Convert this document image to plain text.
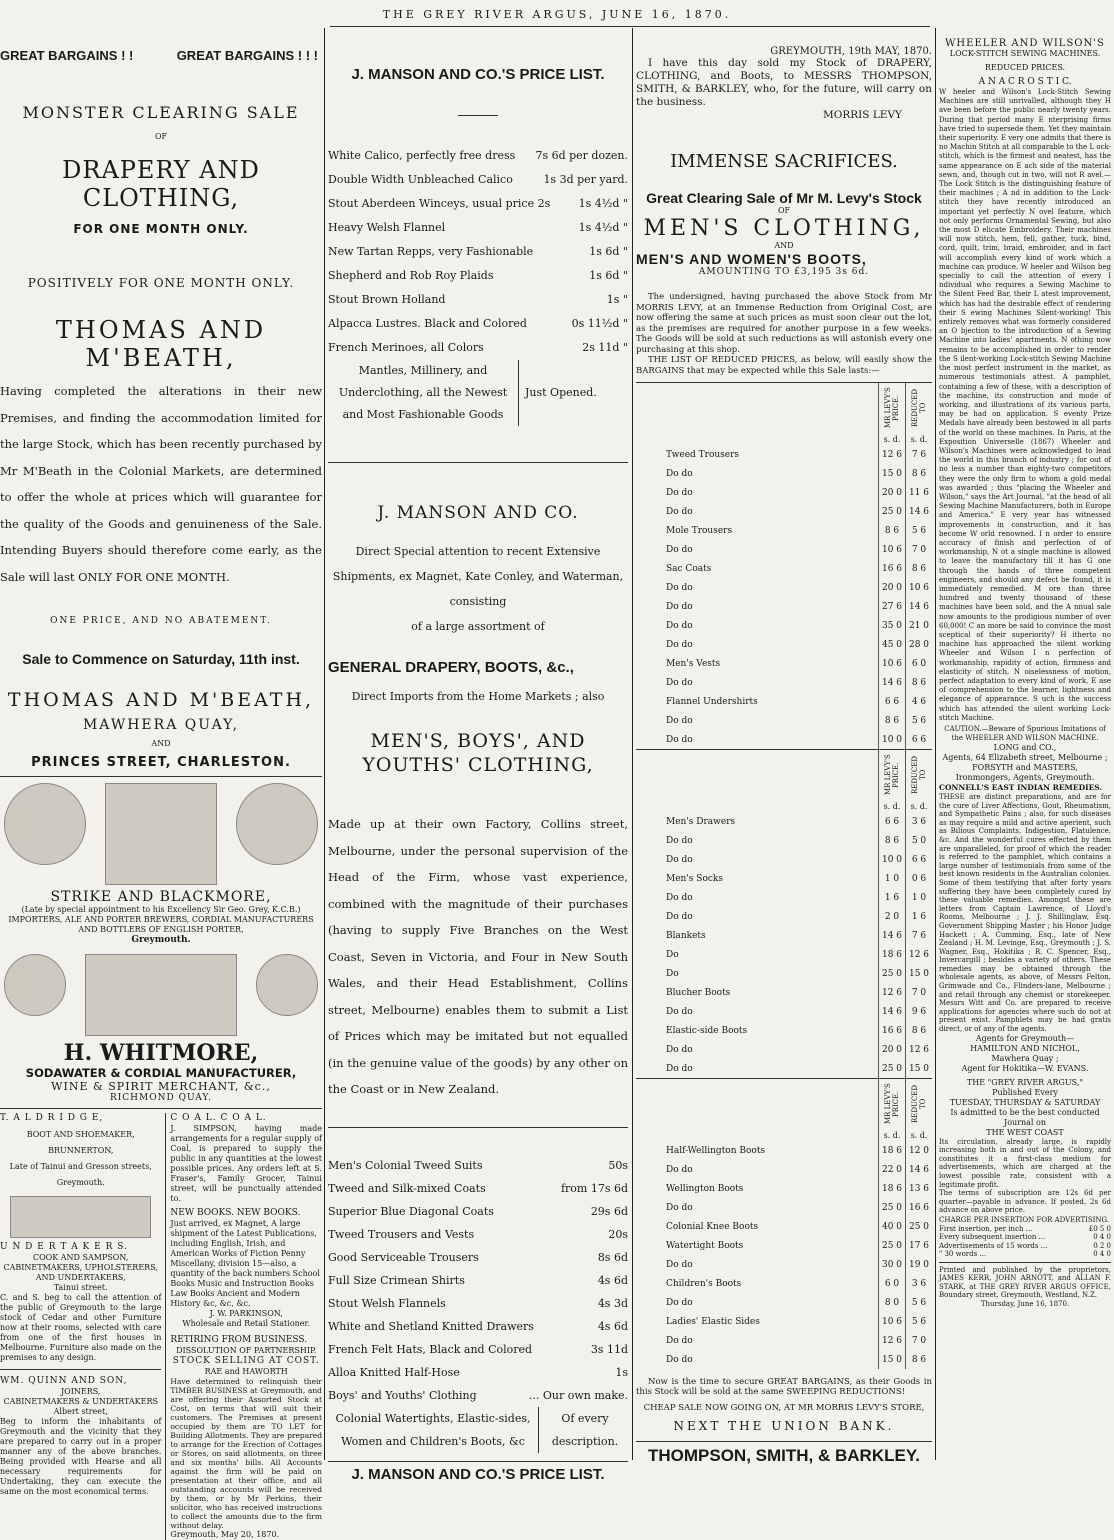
THE GREY RIVER ARGUS, JUNE 16, 1870.
GREAT BARGAINS ! !	GREAT BARGAINS ! ! !
MONSTER CLEARING SALE
OF
DRAPERY AND CLOTHING,
FOR ONE MONTH ONLY.
POSITIVELY FOR ONE MONTH ONLY.
THOMAS AND M'BEATH,
Having completed the alterations in their new Premises, and finding the accommodation limited for the large Stock, which has been recently purchased by Mr M'Beath in the Colonial Markets, are determined to offer the whole at prices which will guarantee for the quality of the Goods and genuineness of the Sale. Intending Buyers should therefore come early, as the Sale will last ONLY FOR ONE MONTH.
ONE PRICE, AND NO ABATEMENT.
Sale to Commence on Saturday, 11th inst.
THOMAS AND M'BEATH,
MAWHERA QUAY,
AND
PRINCES STREET, CHARLESTON.
STRIKE AND BLACKMORE,
(Late by special appointment to his Excellency Sir Geo. Grey, K.C.B.)
IMPORTERS, ALE AND PORTER BREWERS, CORDIAL MANUFACTURERS AND BOTTLERS OF ENGLISH PORTER,
Greymouth.
H. WHITMORE,
SODAWATER & CORDIAL MANUFACTURER,
WINE & SPIRIT MERCHANT, &c.,
RICHMOND QUAY.
T. A L D R I D G E,
BOOT AND SHOEMAKER,
BRUNNERTON,
Late of Tainui and Gresson streets,
Greymouth.
U N D E R T A K E R S.
COOK AND SAMPSON,
CABINETMAKERS, UPHOLSTERERS, AND UNDERTAKERS,
Tainui street.
C. and S. beg to call the attention of the public of Greymouth to the large stock of Cedar and other Furniture now at their rooms, selected with care from one of the first houses in Melbourne. Furniture also made on the premises to any design.
WM. QUINN AND SON,
JOINERS,
CABINETMAKERS & UNDERTAKERS
Albert street,
Beg to inform the inhabitants of Greymouth and the vicinity that they are prepared to carry out in a proper manner any of the above branches. Being provided with Hearse and all necessary requirements for Undertaking, they can execute the same on the most economical terms.
C O A L. C O A L.
J. SIMPSON, having made arrangements for a regular supply of Coal, is prepared to supply the public in any quantities at the lowest possible prices. Any orders left at S. Fraser's, Family Grocer, Tainui street, will be punctually attended to.
NEW BOOKS. NEW BOOKS.
Just arrived, ex Magnet, A large shipment of the Latest Publications, including English, Irish, and American Works of Fiction Penny Miscellany, division 15—also, a quantity of the back numbers School Books Music and Instruction Books Law Books Ancient and Modern History &c, &c, &c.
J. W. PARKINSON,
Wholesale and Retail Stationer.
RETIRING FROM BUSINESS.
DISSOLUTION OF PARTNERSHIP.
STOCK SELLING AT COST.
RAE and HAWORTH
Have determined to relinquish their TIMBER BUSINESS at Greymouth, and are offering their Assorted Stock at Cost, on terms that will suit their customers. The Premises at present occupied by them are TO LET for Building Allotments. They are prepared to arrange for the Erection of Cottages or Stores, on said allotments, on three and six months' bills. All Accounts against the firm will be paid on presentation at their office, and all outstanding accounts will be received by them, or by Mr Perkins, their solicitor, who has received instructions to collect the amounts due to the firm without delay.
Greymouth, May 20, 1870.
J. MANSON AND CO.'S PRICE LIST.
White Calico, perfectly free dress 7s 6d per dozen.
Double Width Unbleached Calico	1s 3d per yard.
Stout Aberdeen Winceys, usual price 2s	1s 4½d "
Heavy Welsh Flannel	1s 4½d "
New Tartan Repps, very Fashionable	1s 6d "
Shepherd and Rob Roy Plaids	1s 6d "
Stout Brown Holland	1s "
Alpacca Lustres. Black and Colored	0s 11½d "
French Merinoes, all Colors	2s 11d "
Mantles, Millinery, and Underclothing, all the Newest and Most Fashionable Goods
Just Opened.
J. MANSON AND CO.
Direct Special attention to recent Extensive Shipments, ex Magnet, Kate Conley, and Waterman, consisting
of a large assortment of
GENERAL DRAPERY, BOOTS, &c.,
Direct Imports from the Home Markets ; also
MEN'S, BOYS', AND YOUTHS' CLOTHING,
Made up at their own Factory, Collins street, Melbourne, under the personal supervision of the Head of the Firm, whose vast experience, combined with the magnitude of their purchases (having to supply Five Branches on the West Coast, Seven in Victoria, and Four in New South Wales, and their Head Establishment, Collins street, Melbourne) enables them to submit a List of Prices which may be imitated but not equalled (in the genuine value of the goods) by any other on the Coast or in New Zealand.
Men's Colonial Tweed Suits	50s
Tweed and Silk-mixed Coats	from 17s 6d
Superior Blue Diagonal Coats	29s 6d
Tweed Trousers and Vests	20s
Good Serviceable Trousers	8s 6d
Full Size Crimean Shirts	4s 6d
Stout Welsh Flannels	4s 3d
White and Shetland Knitted Drawers	4s 6d
French Felt Hats, Black and Colored	3s 11d
Alloa Knitted Half-Hose	1s
Boys' and Youths' Clothing	... Our own make.
Colonial Watertights, Elastic-sides, Women and Children's Boots, &c
Of every description.
J. MANSON AND CO.'S PRICE LIST.
GREYMOUTH, 19th MAY, 1870.
I have this day sold my Stock of DRAPERY, CLOTHING, and Boots, to MESSRS THOMPSON, SMITH, & BARKLEY, who, for the future, will carry on the business.
MORRIS LEVY
IMMENSE SACRIFICES.
Great Clearing Sale of Mr M. Levy's Stock
OF
MEN'S CLOTHING,
AND
MEN'S AND WOMEN'S BOOTS,
AMOUNTING TO £3,195 3s 6d.
The undersigned, having purchased the above Stock from Mr MORRIS LEVY, at an Immense Reduction from Original Cost, are now offering the same at such prices as must soon clear out the lot, as the premises are required for another purpose in a few weeks. The Goods will be sold at such reductions as will astonish every one purchasing at this shop.
THE LIST OF REDUCED PRICES, as below, will easily show the BARGAINS that may be expected while this Sale lasts:—

	MR LEVY'S PRICE.	REDUCED TO

	s. d.	s. d.
Tweed Trousers	12 6	7 6
Do do	15 0	8 6
Do do	20 0	11 6
Do do	25 0	14 6
Mole Trousers	8 6	5 6
Do do	10 6	7 0
Sac Coats	16 6	8 6
Do do	20 0	10 6
Do do	27 6	14 6
Do do	35 0	21 0
Do do	45 0	28 0
Men's Vests	10 6	6 0
Do do	14 6	8 6
Flannel Undershirts	6 6	4 6
Do do	8 6	5 6
Do do	10 0	6 6

	MR LEVY'S PRICE.	REDUCED TO

	s. d.	s. d.
Men's Drawers	6 6	3 6
Do do	8 6	5 0
Do do	10 0	6 6
Men's Socks	1 0	0 6
Do do	1 6	1 0
Do do	2 0	1 6
Blankets	14 6	7 6
Do	18 6	12 6
Do	25 0	15 0
Blucher Boots	12 6	7 0
Do do	14 6	9 6
Elastic-side Boots	16 6	8 6
Do do	20 0	12 6
Do do	25 0	15 0

	MR LEVY'S PRICE.	REDUCED TO

	s. d.	s. d.
Half-Wellington Boots	18 6	12 0
Do do	22 0	14 6
Wellington Boots	18 6	13 6
Do do	25 0	16 6
Colonial Knee Boots	40 0	25 0
Watertight Boots	25 0	17 6
Do do	30 0	19 0
Children's Boots	6 0	3 6
Do do	8 0	5 6
Ladies' Elastic Sides	10 6	5 6
Do do	12 6	7 0
Do do	15 0	8 6
Now is the time to secure GREAT BARGAINS, as their Goods in this Stock will be sold at the same SWEEPING REDUCTIONS!
CHEAP SALE NOW GOING ON, AT MR MORRIS LEVY'S STORE,
NEXT THE UNION BANK.
THOMPSON, SMITH, & BARKLEY.
WHEELER AND WILSON'S
LOCK-STITCH SEWING MACHINES.
REDUCED PRICES.
A N A C R O S T I C.
W heeler and Wilson's Lock-Stitch Sewing Machines are still unrivalled, although they H ave been before the public nearly twenty years. During that period many E nterprising firms have tried to supersede them. Yet they maintain their superiority. E very one admits that there is no Machin Stitch at all comparable to the L ock-stitch, which is the firmest and neatest, has the same appearance on E ach side of the material sewn, and, though cut in two, will not R avel.—The Lock Stitch is the distinguishing feature of their machines ; A nd in addition to the Lock-stitch they have recently introduced an important yet perfectly N ovel feature, which not only performs Ornamental Sewing, but also the most D elicate Embroidery. Their machines will now stitch, hem, fell, gather, tuck, bind, cord, quilt, trim, braid, embroider, and in fact will accomplish every kind of work which a machine can produce. W heeler and Wilson beg specially to call the attention of every I ndividual who requires a Sewing Machine to the Silent Feed Bar, their L atest improvement, which has had the desirable effect of rendering their S ewing Machines Silent-working! This entirely removes what was formerly considered an O bjection to the introduction of a Sewing Machine into ladies' apartments. N othing now remains to be accomplished in order to render the S ilent-working Lock-stitch Sewing Machine the most perfect instrument in the market, as numerous testimonials attest. A pamphlet, containing a few of these, with a description of the machine, its construction and mode of working, and illustrations of its various parts, may be had on application. S eventy Prize Medals have already been bestowed in all parts of the world on these machines. In Paris, at the Exposition Universelle (1867) Wheeler and Wilson's Machines were acknowledged to lead the world in this branch of industry ; for out of no less a number than eighty-two competitors they were the only firm to whom a gold medal was awarded ; thus "placing the Wheeler and Wilson," says the Art Journal, "at the head of all Sewing Machine Manufacturers, both in Europe and America." E very year has witnessed improvements in construction, and it has become W orld renowned. I n order to ensure accuracy of finish and perfection of of workmanship, N ot a single machine is allowed to leave the manufactory till it has G one through the hands of three competent engineers, and should any defect be found, it is immediately remedied. M ore than three hundred and twenty thousand of these machines have been sold, and the A nnual sale now amounts to the prodigious number of over 60,000! C an more be said to convince the most sceptical of their superiority? H itherto no machine has approached the silent working Wheeler and Wilson I n perfection of workmanship, rapidity of action, firmness and elasticity of stitch, N oiselessness of motion, perfect adaptation to every kind of work, E ase of comprehension to the learner, lightness and elegance of appearance. S uch is the success which has attended the silent working Lock-stitch Machine.
CAUTION.—Beware of Spurious Imitations of the WHEELER AND WILSON MACHINE.
LONG and CO.,
Agents, 64 Elizabeth street, Melbourne ;
FORSYTH and MASTERS,
Ironmongers, Agents, Greymouth.
CONNELL'S EAST INDIAN REMEDIES.
THESE are distinct preparations, and are for the cure of Liver Affections, Gout, Rheumatism, and Sympathetic Pains ; also, for such diseases as may require a mild and active aperient, such as Bilious Complaints, Indigestion, Flatulence, &c. And the wonderful cures effected by them are unparalleled, for proof of which the reader is referred to the pamphlet, which contains a large number of testimonials from some of the best known residents in the Australian colonies. Some of them testifying that after forty years suffering they have been completely cured by these valuable remedies. Amongst these are letters from Captain Lawrence, of Lloyd's Rooms, Melbourne ; J. J. Shillinglaw, Esq. Government Shipping Master ; his Honor Judge Hackett ; A. Cumming, Esq., late of New Zealand ; H. M. Levinge, Esq., Greymouth ; J. S. Wagner, Esq., Hokitika ; R. C. Spencer, Esq., Invercargill ; besides a variety of others. These remedies may be obtained through the wholesale agents, as above, of Messrs Felton, Grimwade and Co., Flinders-lane, Melbourne ; and retail through any chemist or storekeeper. Messrs Witt and Co. are prepared to receive applications for agencies where such do not at present exist. Pamphlets may be had gratis direct, or of any of the agents.
Agents for Greymouth—
HAMILTON AND NICHOL,
Mawhera Quay ;
Agent for Hokitika—W. EVANS.
THE "GREY RIVER ARGUS,"
Published Every
TUESDAY, THURSDAY & SATURDAY
Is admitted to be the best conducted Journal on
THE WEST COAST
Its circulation, already large, is rapidly increasing both in and out of the Colony, and constitutes it a first-class medium for advertisements, which are charged at the lowest possible rate, consistent with a legitimate profit.
The terms of subscription are 12s 6d per quarter—payable in advance. If posted, 2s 6d advance on above price.
CHARGE PER INSERTION FOR ADVERTISING.
First insertion, per inch ...	£0 5 0
Every subsequent insertion ...	0 4 0
Advertisements of 15 words ...	0 2 0
" 30 words ...	0 4 0
Printed and published by the proprietors, JAMES KERR, JOHN ARNOTT, and ALLAN F. STARK, at THE GREY RIVER ARGUS OFFICE, Boundary street, Greymouth, Westland, N.Z.
Thursday, June 16, 1870.
